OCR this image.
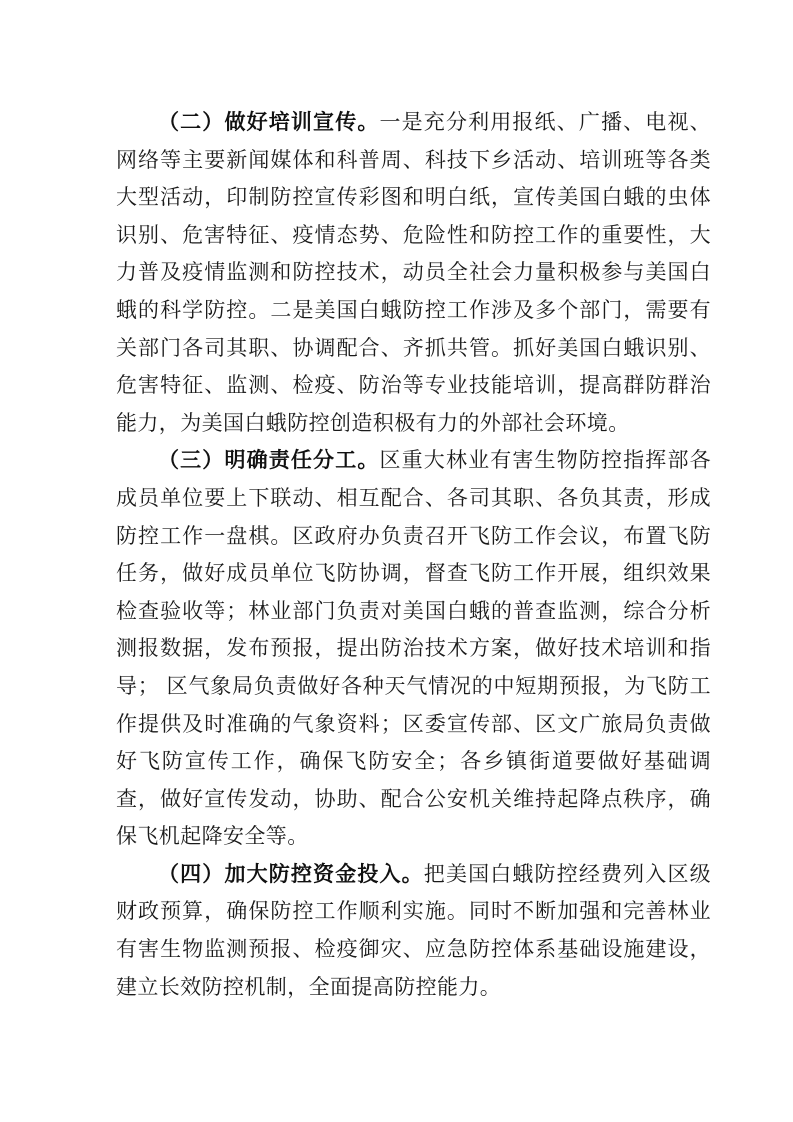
（二）做好培训宣传。一是充分利用报纸、广播、电视、网络等主要新闻媒体和科普周、科技下乡活动、培训班等各类大型活动，印制防控宣传彩图和明白纸，宣传美国白蛾的虫体识别、危害特征、疫情态势、危险性和防控工作的重要性，大力普及疫情监测和防控技术，动员全社会力量积极参与美国白蛾的科学防控。二是美国白蛾防控工作涉及多个部门，需要有关部门各司其职、协调配合、齐抓共管。抓好美国白蛾识别、危害特征、监测、检疫、防治等专业技能培训，提高群防群治能力，为美国白蛾防控创造积极有力的外部社会环境。

（三）明确责任分工。区重大林业有害生物防控指挥部各成员单位要上下联动、相互配合、各司其职、各负其责，形成防控工作一盘棋。区政府办负责召开飞防工作会议，布置飞防任务，做好成员单位飞防协调，督查飞防工作开展，组织效果检查验收等；林业部门负责对美国白蛾的普查监测，综合分析测报数据，发布预报，提出防治技术方案，做好技术培训和指导； 区气象局负责做好各种天气情况的中短期预报，为飞防工作提供及时准确的气象资料；区委宣传部、区文广旅局负责做好飞防宣传工作，确保飞防安全；各乡镇街道要做好基础调查，做好宣传发动，协助、配合公安机关维持起降点秩序，确保飞机起降安全等。

（四）加大防控资金投入。把美国白蛾防控经费列入区级财政预算，确保防控工作顺利实施。同时不断加强和完善林业有害生物监测预报、检疫御灾、应急防控体系基础设施建设，建立长效防控机制，全面提高防控能力。
